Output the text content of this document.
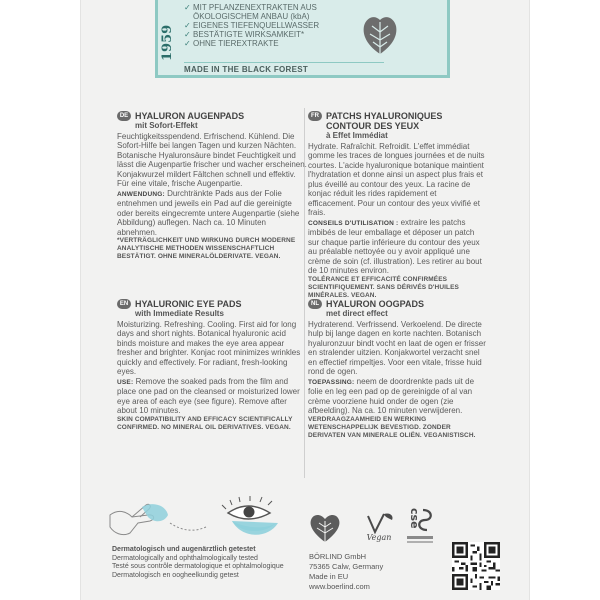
1959
✓ MIT PFLANZENEXTRAKTEN AUS
ÖKOLOGISCHEM ANBAU (kbA)
✓ EIGENES TIEFENQUELLWASSER
✓ BESTÄTIGTE WIRKSAMKEIT*
✓ OHNE TIEREXTRAKTE
MADE IN THE BLACK FOREST
DE HYALURON AUGENPADS
mit Sofort-Effekt

Feuchtigkeitsspendend. Erfrischend. Kühlend. Die Sofort-Hilfe bei langen Tagen und kurzen Nächten. Botanische Hyaluronsäure bindet Feuchtigkeit und lässt die Augenpartie frischer und wacher erscheinen. Konjakwurzel mildert Fältchen schnell und effektiv. Für eine vitale, frische Augenpartie.

ANWENDUNG: Durchtränkte Pads aus der Folie entnehmen und jeweils ein Pad auf die gereinigte oder bereits eingecremte untere Augenpartie (siehe Abbildung) auflegen. Nach ca. 10 Minuten abnehmen.

*VERTRÄGLICHKEIT UND WIRKUNG DURCH MODERNE ANALYTISCHE METHODEN WISSENSCHAFTLICH BESTÄTIGT. OHNE MINERALÖLDERIVATE. VEGAN.

FR PATCHS HYALURONIQUES CONTOUR DES YEUX
à Effet Immédiat

Hydrate. Rafraîchit. Refroidit. L'effet immédiat gomme les traces de longues journées et de nuits courtes. L'acide hyaluronique botanique maintient l'hydratation et donne ainsi un aspect plus frais et plus éveillé au contour des yeux. La racine de konjac réduit les rides rapidement et efficacement. Pour un contour des yeux vivifié et frais.

CONSEILS D'UTILISATION : extraire les patchs imbibés de leur emballage et déposer un patch sur chaque partie inférieure du contour des yeux au préalable nettoyée ou y avoir appliqué une crème de soin (cf. illustration). Les retirer au bout de 10 minutes environ.

TOLÉRANCE ET EFFICACITÉ CONFIRMÉES SCIENTIFIQUEMENT. SANS DÉRIVÉS D'HUILES MINÉRALES. VEGAN.

EN HYALURONIC EYE PADS
with Immediate Results

Moisturizing. Refreshing. Cooling. First aid for long days and short nights. Botanical hyaluronic acid binds moisture and makes the eye area appear fresher and brighter. Konjac root minimizes wrinkles quickly and effectively. For radiant, fresh-looking eyes.

USE: Remove the soaked pads from the film and place one pad on the cleansed or moisturized lower eye area of each eye (see figure). Remove after about 10 minutes.

SKIN COMPATIBILITY AND EFFICACY SCIENTIFICALLY CONFIRMED. NO MINERAL OIL DERIVATIVES. VEGAN.

NL HYALURON OOGPADS
met direct effect

Hydraterend. Verfrissend. Verkoelend. De directe hulp bij lange dagen en korte nachten. Botanisch hyaluronzuur bindt vocht en laat de ogen er frisser en stralender uitzien. Konjakwortel verzacht snel en effectief rimpeltjes. Voor een vitale, frisse huid rond de ogen.

TOEPASSING: neem de doordrenkte pads uit de folie en leg een pad op de gereinigde of al van crème voorziene huid onder de ogen (zie afbeelding). Na ca. 10 minuten verwijderen.

VERDRAAGZAAMHEID EN WERKING WETENSCHAPPELIJK BEVESTIGD. ZONDER DERIVATEN VAN MINERALE OLIËN. VEGANISTISCH.

Dermatologisch und augenärztlich getestet
Dermatologically and ophthalmologically tested
Testé sous contrôle dermatologique et ophtalmologique
Dermatologisch en oogheelkundig getest
Vegan
cse
BÖRLIND GmbH
75365 Calw, Germany
Made in EU
www.boerlind.com
